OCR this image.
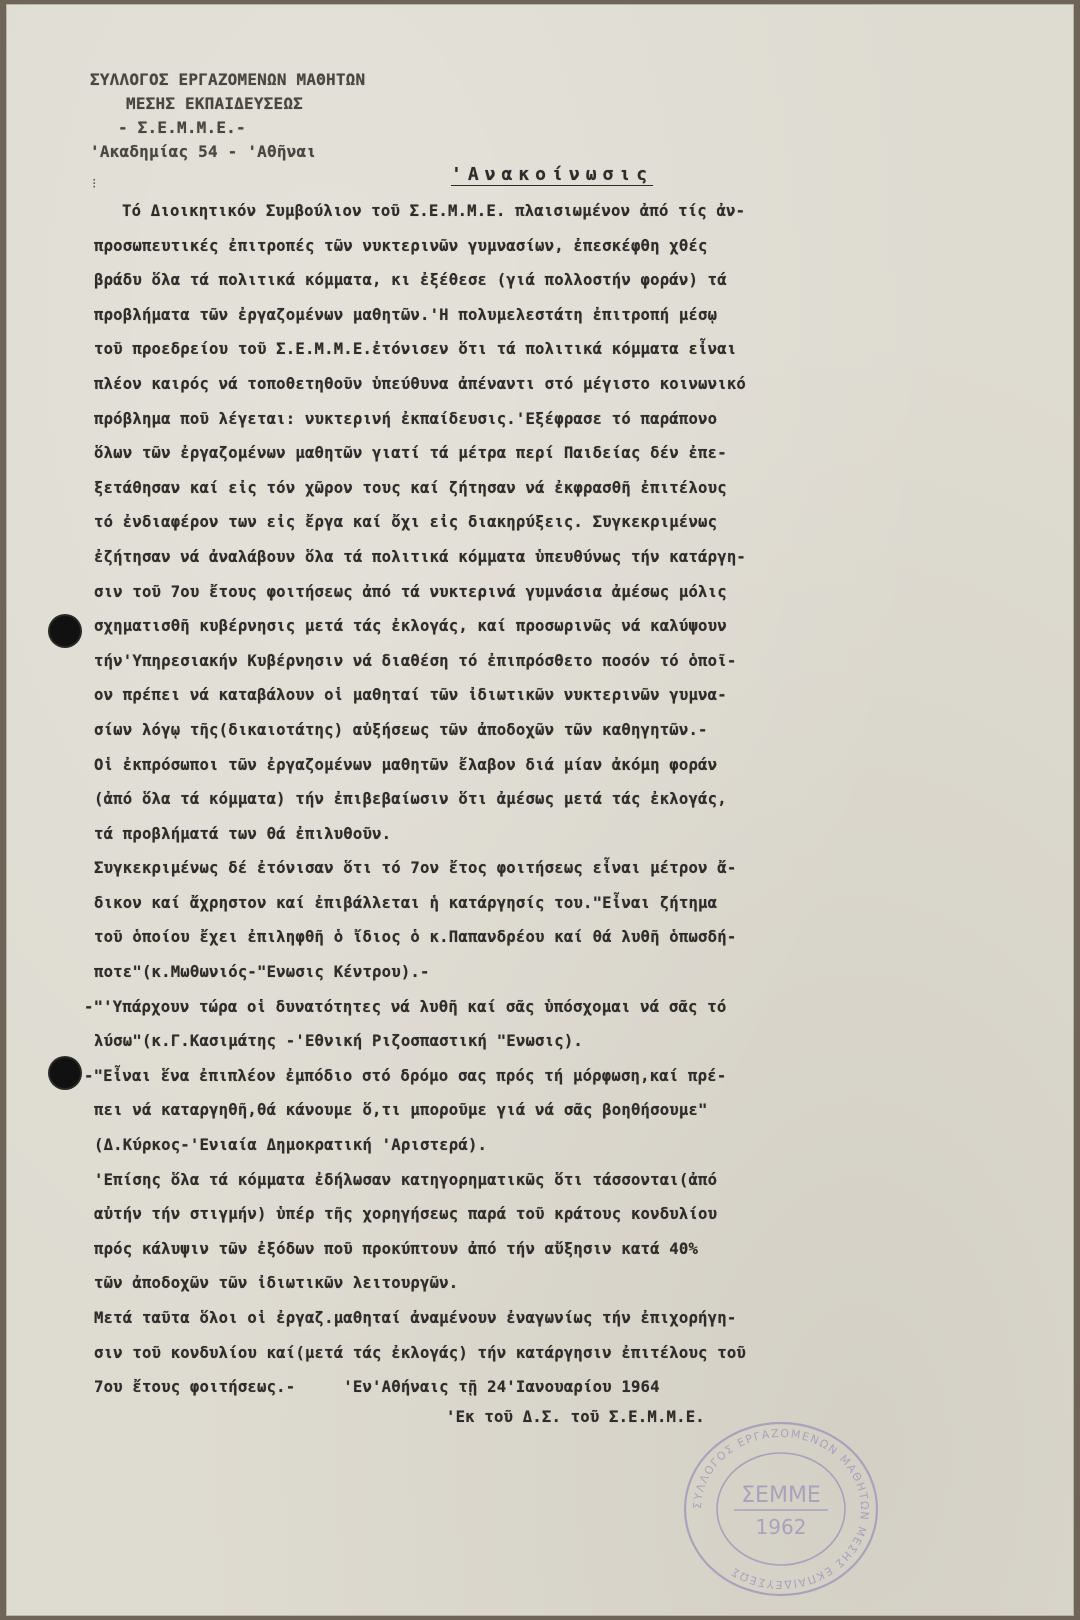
ΣΥΛΛΟΓΟΣ ΕΡΓΑΖΟΜΕΝΩΝ ΜΑΘΗΤΩΝ
ΜΕΣΗΣ ΕΚΠΑΙΔΕΥΣΕΩΣ
- Σ.Ε.Μ.Μ.Ε.-
'Ακαδημίας 54 - 'Αθῆναι
'Ανακοίνωσις
⁝
Τό Διοικητικόν Συμβούλιον τοῦ Σ.Ε.Μ.Μ.Ε. πλαισιωμένον ἀπό τίς ἀν-
προσωπευτικές ἐπιτροπές τῶν νυκτερινῶν γυμνασίων, ἐπεσκέφθη χθές
βράδυ ὅλα τά πολιτικά κόμματα, κι ἐξέθεσε (γιά πολλοστήν φοράν) τά
προβλήματα τῶν ἐργαζομένων μαθητῶν.'Η πολυμελεστάτη ἐπιτροπή μέσῳ
τοῦ προεδρείου τοῦ Σ.Ε.Μ.Μ.Ε.ἐτόνισεν ὅτι τά πολιτικά κόμματα εἶναι
πλέον καιρός νά τοποθετηθοῦν ὑπεύθυνα ἀπέναντι στό μέγιστο κοινωνικό
πρόβλημα ποῦ λέγεται: νυκτερινή ἐκπαίδευσις.'Εξέφρασε τό παράπονο
ὅλων τῶν ἐργαζομένων μαθητῶν γιατί τά μέτρα περί Παιδείας δέν ἐπε-
ξετάθησαν καί εἰς τόν χῶρον τους καί ζήτησαν νά ἐκφρασθῆ ἐπιτέλους
τό ἐνδιαφέρον των εἰς ἔργα καί ὄχι εἰς διακηρύξεις. Συγκεκριμένως
ἐζήτησαν νά ἀναλάβουν ὅλα τά πολιτικά κόμματα ὑπευθύνως τήν κατάργη-
σιν τοῦ 7ου ἔτους φοιτήσεως ἀπό τά νυκτερινά γυμνάσια ἀμέσως μόλις
σχηματισθῆ κυβέρνησις μετά τάς ἐκλογάς, καί προσωρινῶς νά καλύψουν
τήν'Υπηρεσιακήν Κυβέρνησιν νά διαθέση τό ἐπιπρόσθετο ποσόν τό ὁποῖ-
ον πρέπει νά καταβάλουν οἱ μαθηταί τῶν ἰδιωτικῶν νυκτερινῶν γυμνα-
σίων λόγῳ τῆς(δικαιοτάτης) αὐξήσεως τῶν ἀποδοχῶν τῶν καθηγητῶν.-
Οἱ ἐκπρόσωποι τῶν ἐργαζομένων μαθητῶν ἔλαβον διά μίαν ἀκόμη φοράν
(ἀπό ὅλα τά κόμματα) τήν ἐπιβεβαίωσιν ὅτι ἀμέσως μετά τάς ἐκλογάς,
τά προβλήματά των θά ἐπιλυθοῦν.
Συγκεκριμένως δέ ἐτόνισαν ὅτι τό 7ον ἔτος φοιτήσεως εἶναι μέτρον ἄ-
δικον καί ἄχρηστον καί ἐπιβάλλεται ἡ κατάργησίς του."Εἶναι ζήτημα
τοῦ ὁποίου ἔχει ἐπιληφθῆ ὁ ἴδιος ὁ κ.Παπανδρέου καί θά λυθῆ ὁπωσδή-
ποτε"(κ.Μωθωνιός-"Ενωσις Κέντρου).-
-"'Υπάρχουν τώρα οἱ δυνατότητες νά λυθῆ καί σᾶς ὑπόσχομαι νά σᾶς τό
λύσω"(κ.Γ.Κασιμάτης -'Εθνική Ριζοσπαστική "Ενωσις).
-"Εἶναι ἕνα ἐπιπλέον ἐμπόδιο στό δρόμο σας πρός τή μόρφωση,καί πρέ-
πει νά καταργηθῆ,θά κάνουμε ὅ,τι μποροῦμε γιά νά σᾶς βοηθήσουμε"
(Δ.Κύρκος-'Ενιαία Δημοκρατική 'Αριστερά).
'Επίσης ὅλα τά κόμματα ἐδήλωσαν κατηγορηματικῶς ὅτι τάσσονται(ἀπό
αὐτήν τήν στιγμήν) ὑπέρ τῆς χορηγήσεως παρά τοῦ κράτους κονδυλίου
πρός κάλυψιν τῶν ἐξόδων ποῦ προκύπτουν ἀπό τήν αὔξησιν κατά 40%
τῶν ἀποδοχῶν τῶν ἰδιωτικῶν λειτουργῶν.
Μετά ταῦτα ὅλοι οἱ ἐργαζ.μαθηταί ἀναμένουν ἐναγωνίως τήν ἐπιχορήγη-
σιν τοῦ κονδυλίου καί(μετά τάς ἐκλογάς) τήν κατάργησιν ἐπιτέλους τοῦ
7ου ἔτους φοιτήσεως.-     'Εν'Αθήναις τῇ 24'Ιανουαρίου 1964
'Εκ τοῦ Δ.Σ. τοῦ Σ.Ε.Μ.Μ.Ε.
ΣΥΛΛΟΓΟΣ ΕΡΓΑΖΟΜΕΝΩΝ ΜΑΘΗΤΩΝ ΜΕΣΗΣ ΕΚΠΑΙΔΕΥΣΕΩΣ
ΣΕΜΜΕ
1962
